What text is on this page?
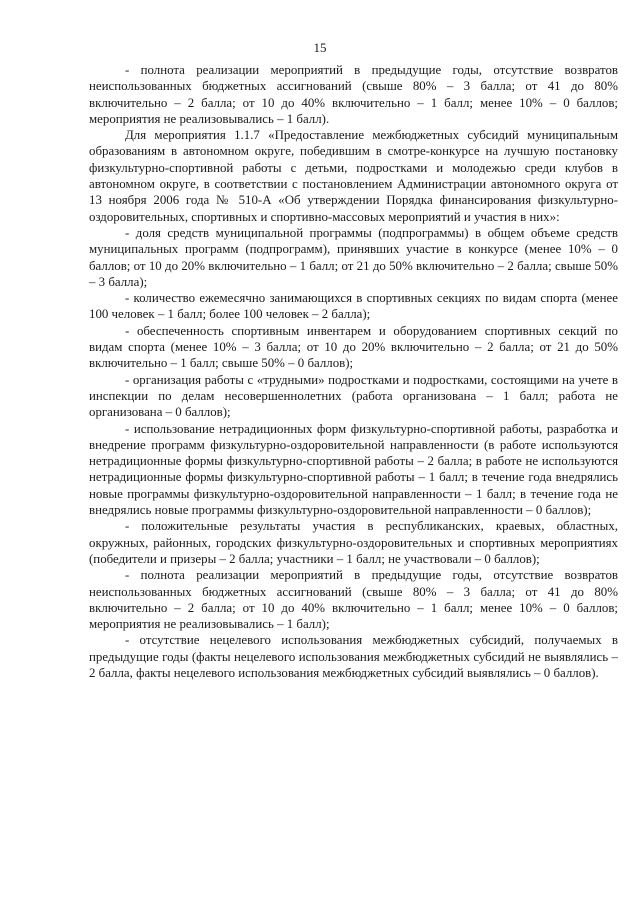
15

- полнота реализации мероприятий в предыдущие годы, отсутствие возвратов неиспользованных бюджетных ассигнований (свыше 80% – 3 балла; от 41 до 80% включительно – 2 балла; от 10 до 40% включительно – 1 балл; менее 10% – 0 баллов; мероприятия не реализовывались – 1 балл).

Для мероприятия 1.1.7 «Предоставление межбюджетных субсидий муниципальным образованиям в автономном округе, победившим в смотре-конкурсе на лучшую постановку физкультурно-спортивной работы с детьми, подростками и молодежью среди клубов в автономном округе, в соответствии с постановлением Администрации автономного округа от 13 ноября 2006 года № 510-А «Об утверждении Порядка финансирования физкультурно-оздоровительных, спортивных и спортивно-массовых мероприятий и участия в них»:

- доля средств муниципальной программы (подпрограммы) в общем объеме средств муниципальных программ (подпрограмм), принявших участие в конкурсе (менее 10% – 0 баллов; от 10 до 20% включительно – 1 балл; от 21 до 50% включительно – 2 балла; свыше 50% – 3 балла);

- количество ежемесячно занимающихся в спортивных секциях по видам спорта (менее 100 человек – 1 балл; более 100 человек – 2 балла);

- обеспеченность спортивным инвентарем и оборудованием спортивных секций по видам спорта (менее 10% – 3 балла; от 10 до 20% включительно – 2 балла; от 21 до 50% включительно – 1 балл; свыше 50% – 0 баллов);

- организация работы с «трудными» подростками и подростками, состоящими на учете в инспекции по делам несовершеннолетних (работа организована – 1 балл; работа не организована – 0 баллов);

- использование нетрадиционных форм физкультурно-спортивной работы, разработка и внедрение программ физкультурно-оздоровительной направленности (в работе используются нетрадиционные формы физкультурно-спортивной работы – 2 балла; в работе не используются нетрадиционные формы физкультурно-спортивной работы – 1 балл; в течение года внедрялись новые программы физкультурно-оздоровительной направленности – 1 балл; в течение года не внедрялись новые программы физкультурно-оздоровительной направленности – 0 баллов);

- положительные результаты участия в республиканских, краевых, областных, окружных, районных, городских физкультурно-оздоровительных и спортивных мероприятиях (победители и призеры – 2 балла; участники – 1 балл; не участвовали – 0 баллов);

- полнота реализации мероприятий в предыдущие годы, отсутствие возвратов неиспользованных бюджетных ассигнований (свыше 80% – 3 балла; от 41 до 80% включительно – 2 балла; от 10 до 40% включительно – 1 балл; менее 10% – 0 баллов; мероприятия не реализовывались – 1 балл);

- отсутствие нецелевого использования межбюджетных субсидий, получаемых в предыдущие годы (факты нецелевого использования межбюджетных субсидий не выявлялись – 2 балла, факты нецелевого использования межбюджетных субсидий выявлялись – 0 баллов).
